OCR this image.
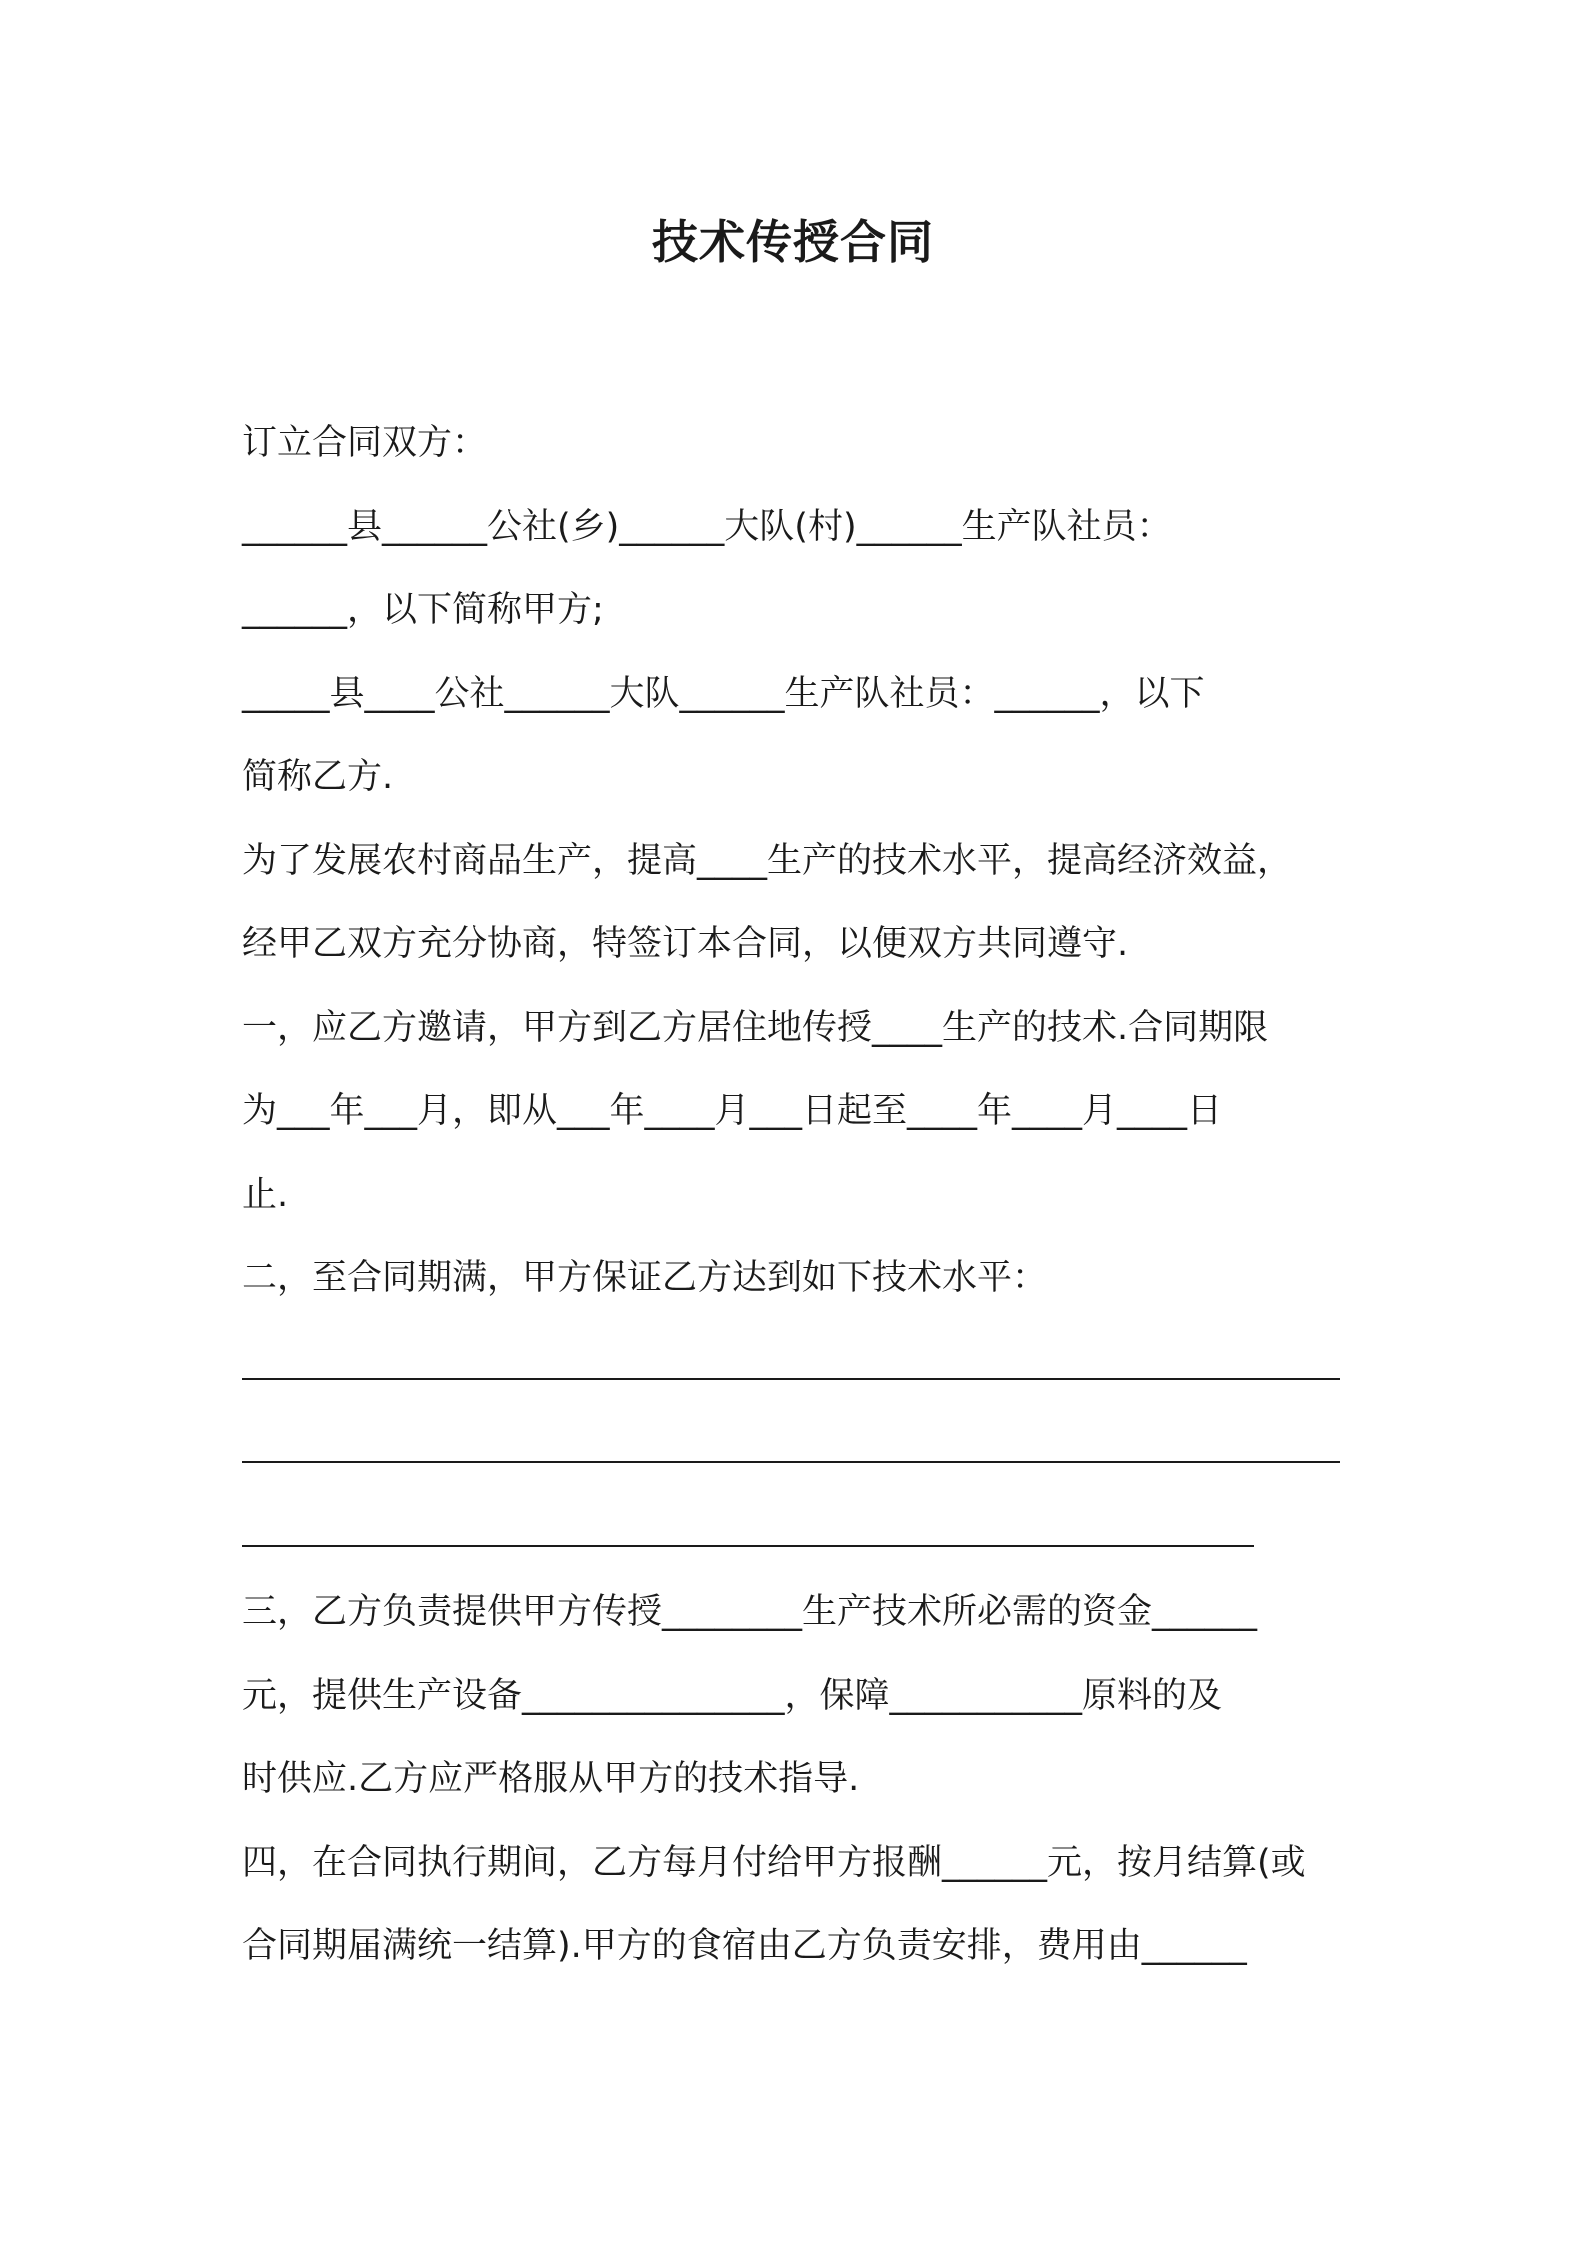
技术传授合同

订立合同双方：

______县______公社(乡)______大队(村)______生产队社员：

______，以下简称甲方;

_____县____公社______大队______生产队社员：______，以下

简称乙方.

为了发展农村商品生产，提高____生产的技术水平，提高经济效益，

经甲乙双方充分协商，特签订本合同，以便双方共同遵守.

一，应乙方邀请，甲方到乙方居住地传授____生产的技术.合同期限

为___年___月，即从___年____月___日起至____年____月____日

止.

二，至合同期满，甲方保证乙方达到如下技术水平：

三，乙方负责提供甲方传授________生产技术所必需的资金______

元，提供生产设备_______________，保障___________原料的及

时供应.乙方应严格服从甲方的技术指导.

四，在合同执行期间，乙方每月付给甲方报酬______元，按月结算(或

合同期届满统一结算).甲方的食宿由乙方负责安排，费用由______
